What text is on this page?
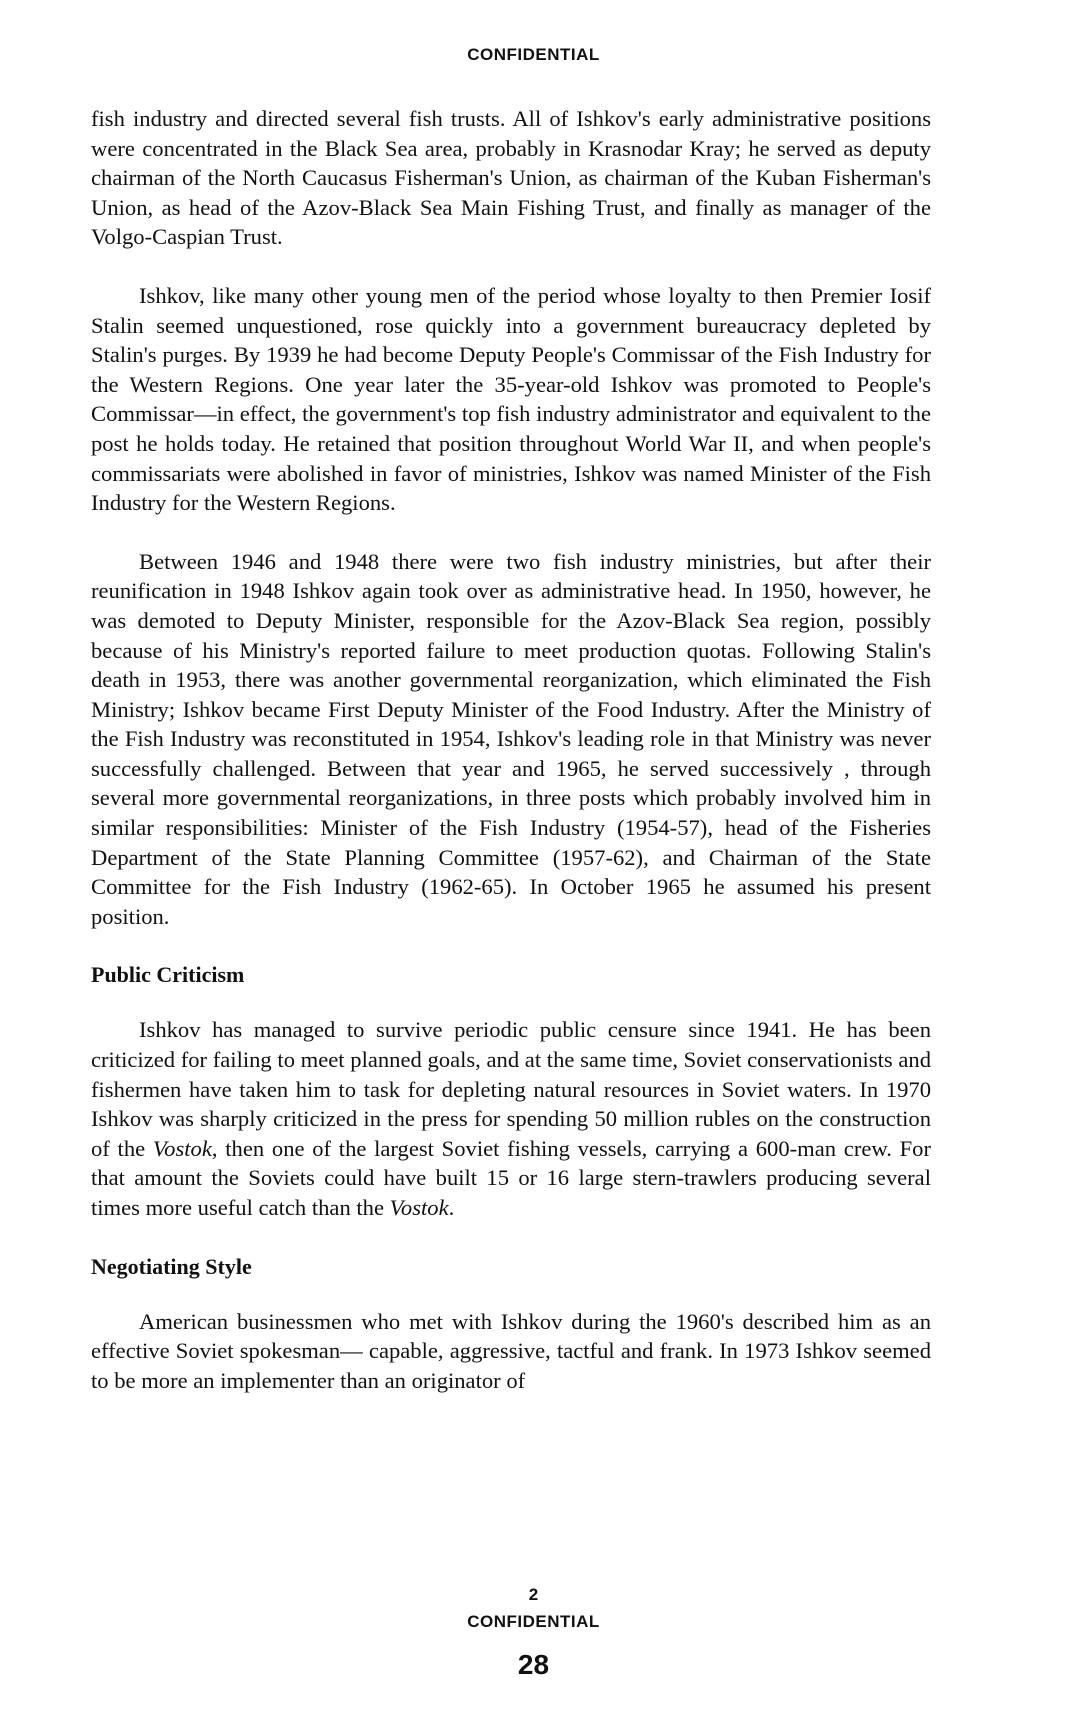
CONFIDENTIAL

fish industry and directed several fish trusts. All of Ishkov's early administrative positions were concentrated in the Black Sea area, probably in Krasnodar Kray; he served as deputy chairman of the North Caucasus Fisherman's Union, as chairman of the Kuban Fisherman's Union, as head of the Azov-Black Sea Main Fishing Trust, and finally as manager of the Volgo-Caspian Trust.

Ishkov, like many other young men of the period whose loyalty to then Premier Iosif Stalin seemed unquestioned, rose quickly into a government bureaucracy depleted by Stalin's purges. By 1939 he had become Deputy People's Commissar of the Fish Industry for the Western Regions. One year later the 35-year-old Ishkov was promoted to People's Commissar—in effect, the government's top fish industry administrator and equivalent to the post he holds today. He retained that position throughout World War II, and when people's commissariats were abolished in favor of ministries, Ishkov was named Minister of the Fish Industry for the Western Regions.

Between 1946 and 1948 there were two fish industry ministries, but after their reunification in 1948 Ishkov again took over as administrative head. In 1950, however, he was demoted to Deputy Minister, responsible for the Azov-Black Sea region, possibly because of his Ministry's reported failure to meet production quotas. Following Stalin's death in 1953, there was another governmental reorganization, which eliminated the Fish Ministry; Ishkov became First Deputy Minister of the Food Industry. After the Ministry of the Fish Industry was reconstituted in 1954, Ishkov's leading role in that Ministry was never successfully challenged. Between that year and 1965, he served successively , through several more governmental reorganizations, in three posts which probably involved him in similar responsibilities: Minister of the Fish Industry (1954-57), head of the Fisheries Department of the State Planning Committee (1957-62), and Chairman of the State Committee for the Fish Industry (1962-65). In October 1965 he assumed his present position.

Public Criticism

Ishkov has managed to survive periodic public censure since 1941. He has been criticized for failing to meet planned goals, and at the same time, Soviet conservationists and fishermen have taken him to task for depleting natural resources in Soviet waters. In 1970 Ishkov was sharply criticized in the press for spending 50 million rubles on the construction of the Vostok, then one of the largest Soviet fishing vessels, carrying a 600-man crew. For that amount the Soviets could have built 15 or 16 large stern-trawlers producing several times more useful catch than the Vostok.

Negotiating Style

American businessmen who met with Ishkov during the 1960's described him as an effective Soviet spokesman— capable, aggressive, tactful and frank. In 1973 Ishkov seemed to be more an implementer than an originator of

2
CONFIDENTIAL
28
